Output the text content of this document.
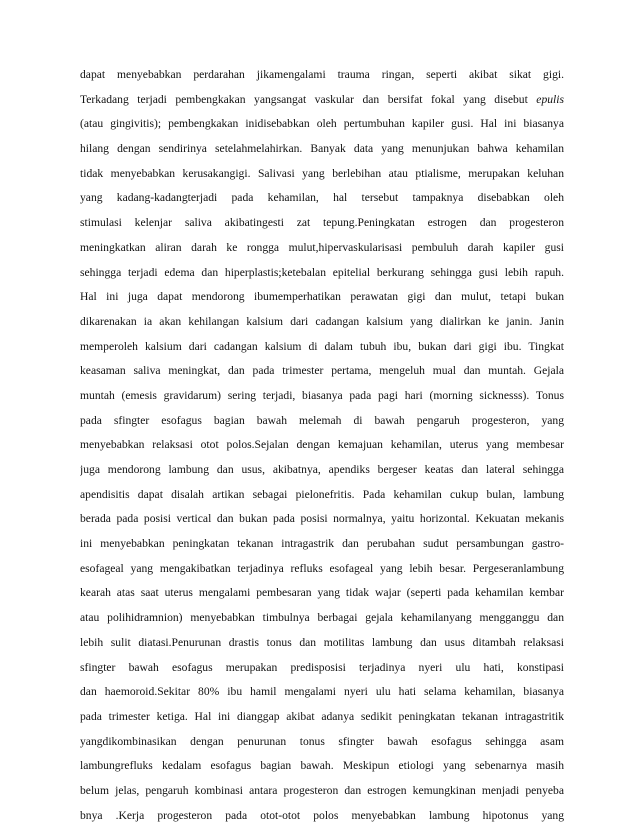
dapat menyebabkan perdarahan jikamengalami trauma ringan, seperti akibat sikat gigi.
Terkadang terjadi pembengkakan yangsangat vaskular dan bersifat fokal yang disebut epulis
(atau gingivitis); pembengkakan inidisebabkan oleh pertumbuhan kapiler gusi. Hal ini biasanya
hilang dengan sendirinya setelahmelahirkan. Banyak data yang menunjukan bahwa kehamilan
tidak menyebabkan kerusakangigi. Salivasi yang berlebihan atau ptialisme, merupakan keluhan
yang kadang-kadangterjadi pada kehamilan, hal tersebut tampaknya disebabkan oleh
stimulasi kelenjar saliva akibatingesti zat tepung.Peningkatan estrogen dan progesteron
meningkatkan aliran darah ke rongga mulut,hipervaskularisasi pembuluh darah kapiler gusi
sehingga terjadi edema dan hiperplastis;ketebalan epitelial berkurang sehingga gusi lebih rapuh.
Hal ini juga dapat mendorong ibumemperhatikan perawatan gigi dan mulut, tetapi bukan
dikarenakan ia akan kehilangan kalsium dari cadangan kalsium yang dialirkan ke janin. Janin
memperoleh kalsium dari cadangan kalsium di dalam tubuh ibu, bukan dari gigi ibu. Tingkat
keasaman saliva meningkat, dan pada trimester pertama, mengeluh mual dan muntah. Gejala
muntah (emesis gravidarum) sering terjadi, biasanya pada pagi hari (morning sicknesss). Tonus
pada sfingter esofagus bagian bawah melemah di bawah pengaruh progesteron, yang
menyebabkan relaksasi otot polos.Sejalan dengan kemajuan kehamilan, uterus yang membesar
juga mendorong lambung dan usus, akibatnya, apendiks bergeser keatas dan lateral sehingga
apendisitis dapat disalah artikan sebagai pielonefritis. Pada kehamilan cukup bulan, lambung
berada pada posisi vertical dan bukan pada posisi normalnya, yaitu horizontal. Kekuatan mekanis
ini menyebabkan peningkatan tekanan intragastrik dan perubahan sudut persambungan gastro-
esofageal yang mengakibatkan terjadinya refluks esofageal yang lebih besar. Pergeseranlambung
kearah atas saat uterus mengalami pembesaran yang tidak wajar (seperti pada kehamilan kembar
atau polihidramnion) menyebabkan timbulnya berbagai gejala kehamilanyang mengganggu dan
lebih sulit diatasi.Penurunan drastis tonus dan motilitas lambung dan usus ditambah relaksasi
sfingter bawah esofagus merupakan predisposisi terjadinya nyeri ulu hati, konstipasi
dan haemoroid.Sekitar 80% ibu hamil mengalami nyeri ulu hati selama kehamilan, biasanya
pada trimester ketiga. Hal ini dianggap akibat adanya sedikit peningkatan tekanan intragastritik
yangdikombinasikan dengan penurunan tonus sfingter bawah esofagus sehingga asam
lambungrefluks kedalam esofagus bagian bawah. Meskipun etiologi yang sebenarnya masih
belum jelas, pengaruh kombinasi antara progesteron dan estrogen kemungkinan menjadi penyeba
bnya .Kerja progesteron pada otot-otot polos menyebabkan lambung hipotonus yang
